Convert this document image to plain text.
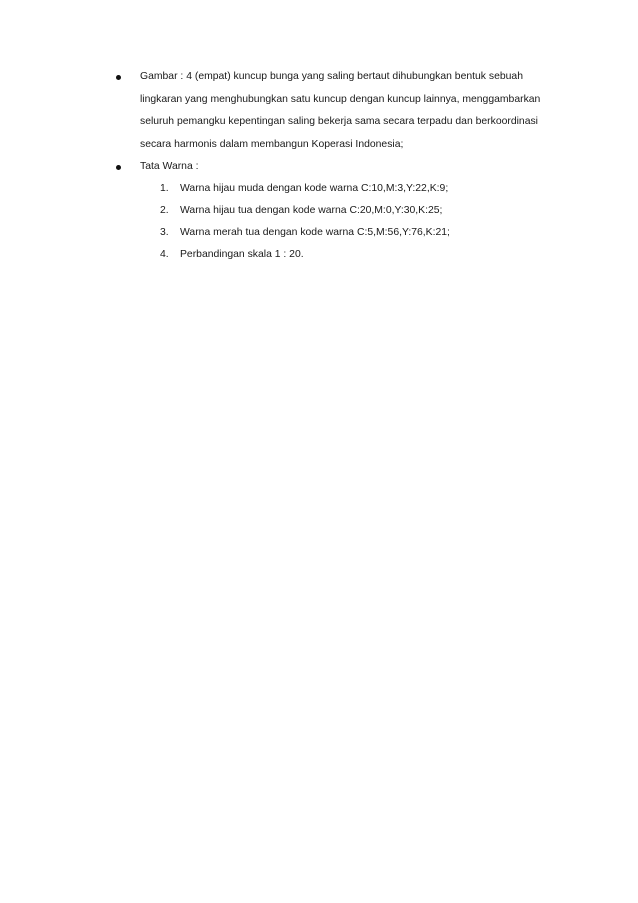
Gambar : 4 (empat) kuncup bunga yang saling bertaut dihubungkan bentuk sebuah
lingkaran yang menghubungkan satu kuncup dengan kuncup lainnya, menggambarkan
seluruh pemangku kepentingan saling bekerja sama secara terpadu dan berkoordinasi
secara harmonis dalam membangun Koperasi Indonesia;
Tata Warna :
1. Warna hijau muda dengan kode warna C:10,M:3,Y:22,K:9;
2. Warna hijau tua dengan kode warna C:20,M:0,Y:30,K:25;
3. Warna merah tua dengan kode warna C:5,M:56,Y:76,K:21;
4. Perbandingan skala 1 : 20.
